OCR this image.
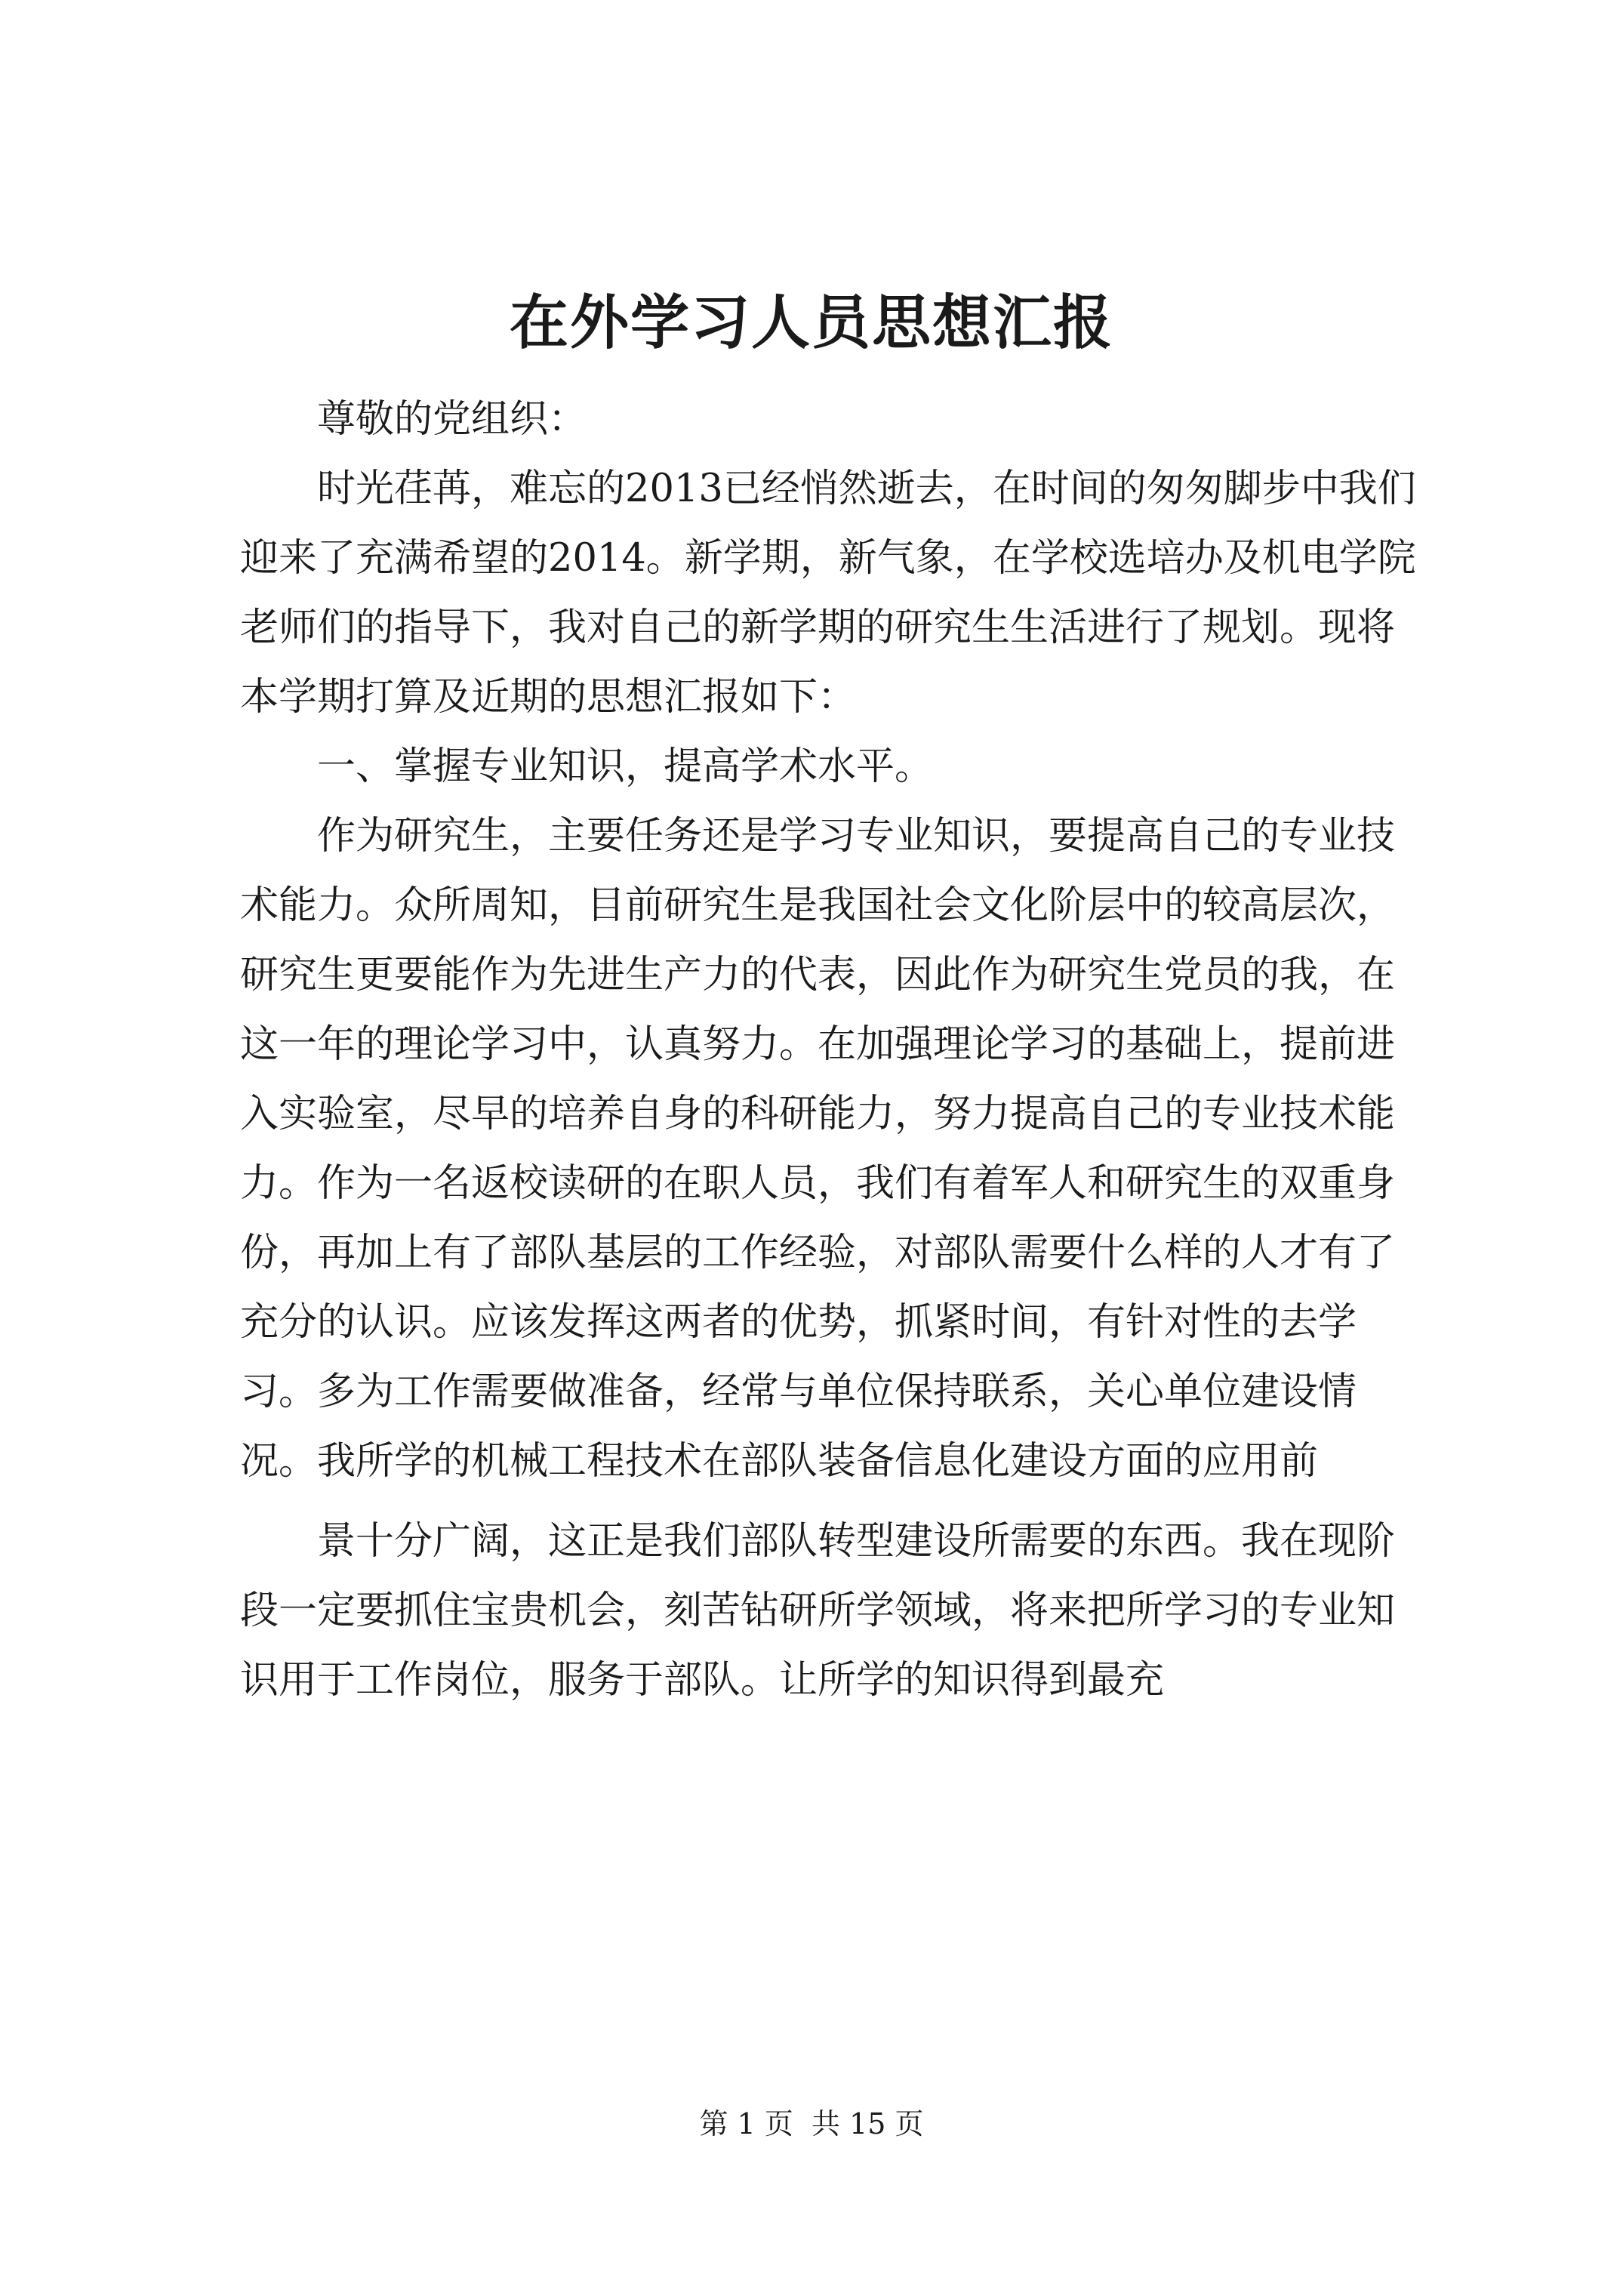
在外学习人员思想汇报

尊敬的党组织：

时光荏苒，难忘的2013已经悄然逝去，在时间的匆匆脚步中我们迎来了充满希望的2014。新学期，新气象，在学校选培办及机电学院老师们的指导下，我对自己的新学期的研究生生活进行了规划。现将本学期打算及近期的思想汇报如下：

一、掌握专业知识，提高学术水平。

作为研究生，主要任务还是学习专业知识，要提高自己的专业技术能力。众所周知，目前研究生是我国社会文化阶层中的较高层次，研究生更要能作为先进生产力的代表，因此作为研究生党员的我，在这一年的理论学习中，认真努力。在加强理论学习的基础上，提前进入实验室，尽早的培养自身的科研能力，努力提高自己的专业技术能力。作为一名返校读研的在职人员，我们有着军人和研究生的双重身份，再加上有了部队基层的工作经验，对部队需要什么样的人才有了充分的认识。应该发挥这两者的优势，抓紧时间，有针对性的去学习。多为工作需要做准备，经常与单位保持联系，关心单位建设情况。我所学的机械工程技术在部队装备信息化建设方面的应用前

景十分广阔，这正是我们部队转型建设所需要的东西。我在现阶段一定要抓住宝贵机会，刻苦钻研所学领域，将来把所学习的专业知识用于工作岗位，服务于部队。让所学的知识得到最充

第 1 页  共 15 页
